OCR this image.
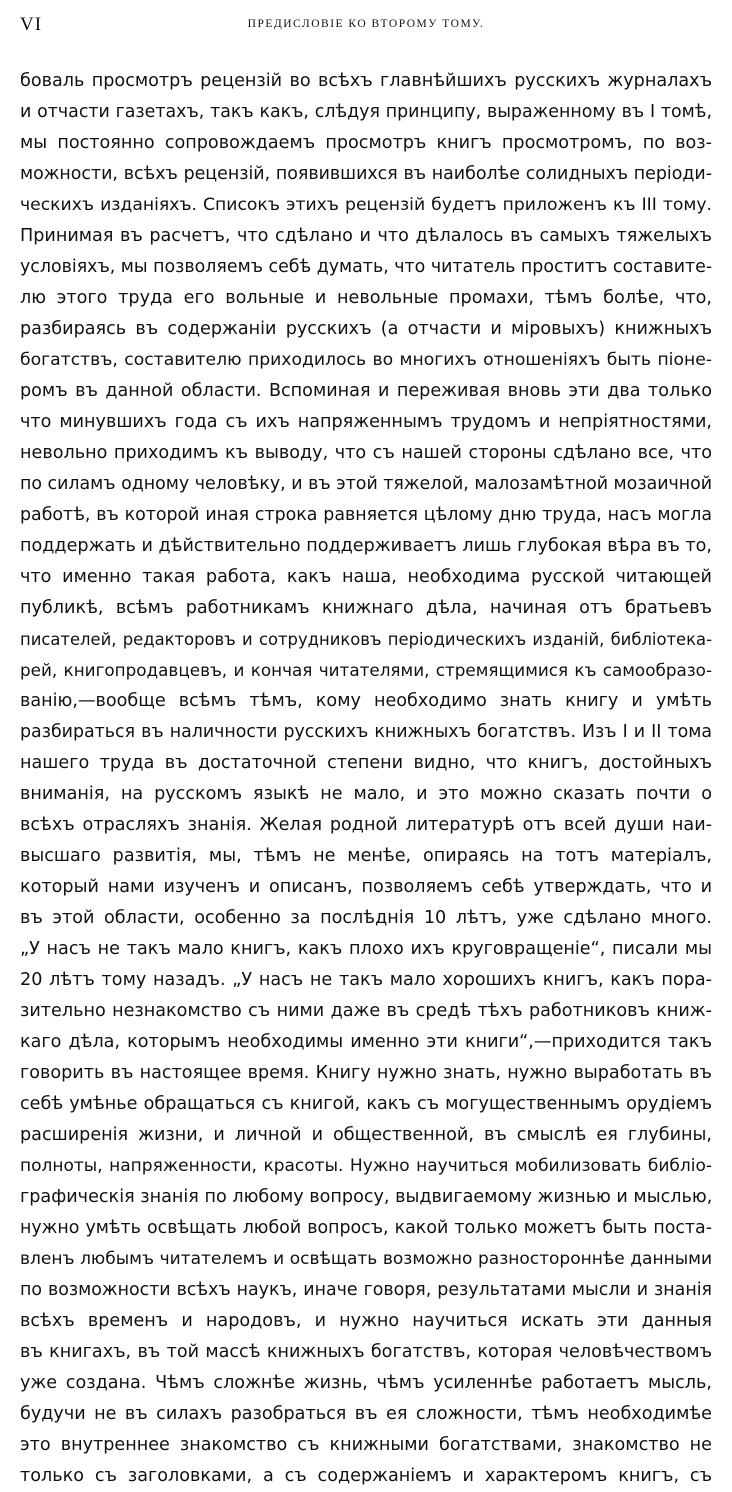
VI	ПРЕДИСЛОВIЕ КО ВТОРОМУ ТОМУ.
боваль просмотръ рецензiй во всѣхъ главнѣйшихъ русскихъ журналахъ
и отчасти газетахъ, такъ какъ, слѣдуя принципу, выраженному въ I томѣ,
мы постоянно сопровождаемъ просмотръ книгъ просмотромъ, по воз-
можности, всѣхъ рецензiй, появившихся въ наиболѣе солидныхъ перiоди-
ческихъ изданiяхъ. Списокъ этихъ рецензiй будетъ приложенъ къ III тому.
Принимая въ расчетъ, что сдѣлано и что дѣлалось въ самыхъ тяжелыхъ
условiяхъ, мы позволяемъ себѣ думать, что читатель проститъ составите-
лю этого труда его вольные и невольные промахи, тѣмъ болѣе, что,
разбираясь въ содержанiи русскихъ (а отчасти и мiровыхъ) книжныхъ
богатствъ, составителю приходилось во многихъ отношенiяхъ быть пiоне-
ромъ въ данной области. Вспоминая и переживая вновь эти два только
что минувшихъ года съ ихъ напряженнымъ трудомъ и непрiятностями,
невольно приходимъ къ выводу, что съ нашей стороны сдѣлано все, что
по силамъ одному человѣку, и въ этой тяжелой, малозамѣтной мозаичной
работѣ, въ которой иная строка равняется цѣлому дню труда, насъ могла
поддержать и дѣйствительно поддерживаетъ лишь глубокая вѣра въ то,
что именно такая работа, какъ наша, необходима русской читающей
публикѣ, всѣмъ работникамъ книжнаго дѣла, начиная отъ братьевъ
писателей, редакторовъ и сотрудниковъ перiодическихъ изданiй, библiотека-
рей, книгопродавцевъ, и кончая читателями, стремящимися къ самообразо-
ванiю,—вообще всѣмъ тѣмъ, кому необходимо знать книгу и умѣть
разбираться въ наличности русскихъ книжныхъ богатствъ. Изъ I и II тома
нашего труда въ достаточной степени видно, что книгъ, достойныхъ
вниманiя, на русскомъ языкѣ не мало, и это можно сказать почти о
всѣхъ отрасляхъ знанiя. Желая родной литературѣ отъ всей души наи-
высшаго развитiя, мы, тѣмъ не менѣе, опираясь на тотъ матерiалъ,
который нами изученъ и описанъ, позволяемъ себѣ утверждать, что и
въ этой области, особенно за послѣднiя 10 лѣтъ, уже сдѣлано много.
„У насъ не такъ мало книгъ, какъ плохо ихъ круговращенiе“, писали мы
20 лѣтъ тому назадъ. „У насъ не такъ мало хорошихъ книгъ, какъ пора-
зительно незнакомство съ ними даже въ средѣ тѣхъ работниковъ книж-
каго дѣла, которымъ необходимы именно эти книги“,—приходится такъ
говорить въ настоящее время. Книгу нужно знать, нужно выработать въ
себѣ умѣнье обращаться съ книгой, какъ съ могущественнымъ орудiемъ
расширенiя жизни, и личной и общественной, въ смыслѣ ея глубины,
полноты, напряженности, красоты. Нужно научиться мобилизовать библiо-
графическiя знанiя по любому вопросу, выдвигаемому жизнью и мыслью,
нужно умѣть освѣщать любой вопросъ, какой только можетъ быть поста-
вленъ любымъ читателемъ и освѣщать возможно разностороннѣе данными
по возможности всѣхъ наукъ, иначе говоря, результатами мысли и знанiя
всѣхъ временъ и народовъ, и нужно научиться искать эти данныя
въ книгахъ, въ той массѣ книжныхъ богатствъ, которая человѣчествомъ
уже создана. Чѣмъ сложнѣе жизнь, чѣмъ усиленнѣе работаетъ мысль,
будучи не въ силахъ разобраться въ ея сложности, тѣмъ необходимѣе
это внутреннее знакомство съ книжными богатствами, знакомство не
только съ заголовками, а съ содержанiемъ и характеромъ книгъ, съ
